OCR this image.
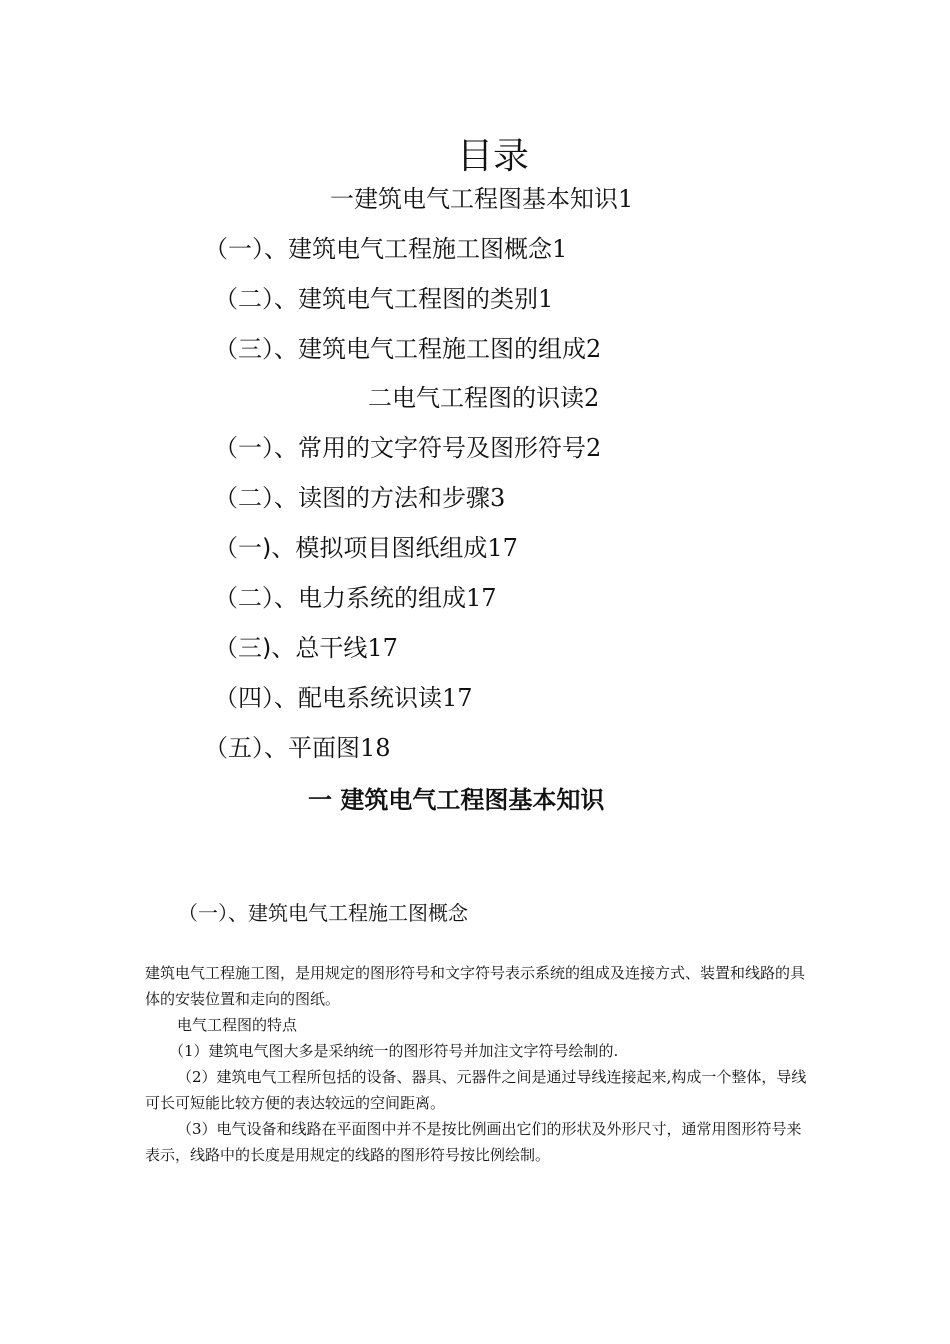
目录
一建筑电气工程图基本知识1
（一）、建筑电气工程施工图概念1
（二）、建筑电气工程图的类别1
（三）、建筑电气工程施工图的组成2
二电气工程图的识读2
（一）、常用的文字符号及图形符号2
（二）、读图的方法和步骤3
（一)、模拟项目图纸组成17
（二）、电力系统的组成17
（三)、总干线17
（四）、配电系统识读17
（五）、平面图18
一 建筑电气工程图基本知识
（一）、建筑电气工程施工图概念

建筑电气工程施工图，是用规定的图形符号和文字符号表示系统的组成及连接方式、装置和线路的具体的安装位置和走向的图纸。

电气工程图的特点

（1）建筑电气图大多是采纳统一的图形符号并加注文字符号绘制的.

（2）建筑电气工程所包括的设备、器具、元器件之间是通过导线连接起来,构成一个整体，导线可长可短能比较方便的表达较远的空间距离。

（3）电气设备和线路在平面图中并不是按比例画出它们的形状及外形尺寸，通常用图形符号来表示，线路中的长度是用规定的线路的图形符号按比例绘制。
